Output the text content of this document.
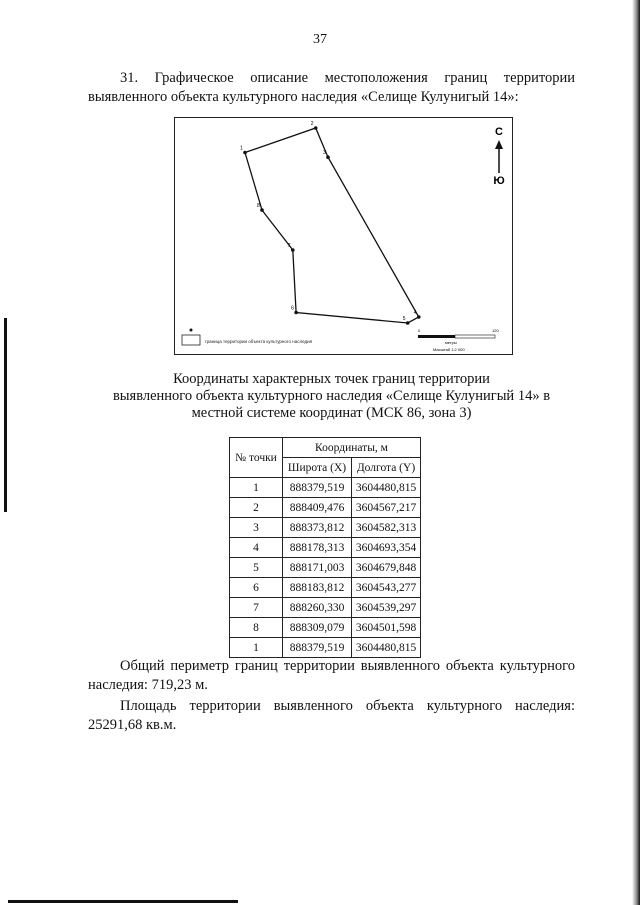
37
31. Графическое описание местоположения границ территории выявленного объекта культурного наследия «Селище Кулунигый 14»:
1
2
3
4
5
6
7
8
С
Ю
граница территории объекта культурного наследия
0	120
метры
Масштаб 1:2 000
Координаты характерных точек границ территории
выявленного объекта культурного наследия «Селище Кулунигый 14» в
местной системе координат (МСК 86, зона 3)
№ точки	Координаты, м	
	Широта (X)	Долгота (Y)
1	888379,519	3604480,815
2	888409,476	3604567,217
3	888373,812	3604582,313
4	888178,313	3604693,354
5	888171,003	3604679,848
6	888183,812	3604543,277
7	888260,330	3604539,297
8	888309,079	3604501,598
1	888379,519	3604480,815
Общий периметр границ территории выявленного объекта культурного наследия: 719,23 м.
Площадь территории выявленного объекта культурного наследия: 25291,68 кв.м.
